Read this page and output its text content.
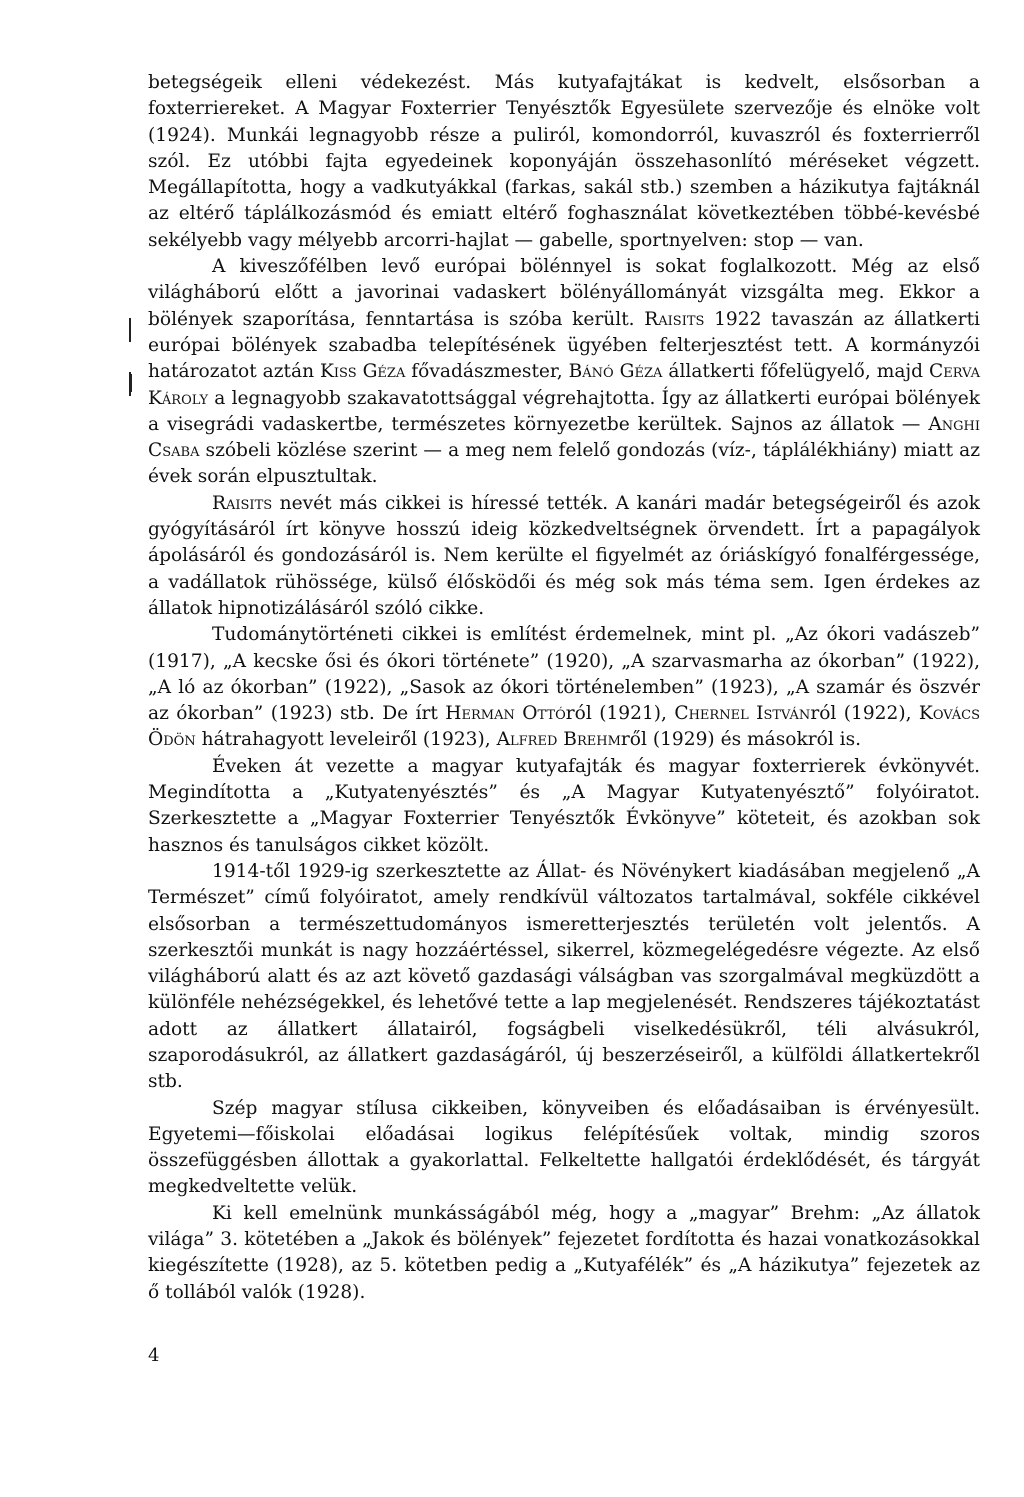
betegségeik elleni védekezést. Más kutyafajtákat is kedvelt, elsősorban a foxterriereket. A Magyar Foxterrier Tenyésztők Egyesülete szervezője és elnöke volt (1924). Munkái legnagyobb része a puliról, komondorról, kuvaszról és foxterrierről szól. Ez utóbbi fajta egyedeinek koponyáján összehasonlító méréseket végzett. Megállapította, hogy a vadkutyákkal (farkas, sakál stb.) szemben a házikutya fajtáknál az eltérő táplálkozásmód és emiatt eltérő foghasználat következtében többé-kevésbé sekélyebb vagy mélyebb arcorri-hajlat — gabelle, sportnyelven: stop — van.

A kiveszőfélben levő európai bölénnyel is sokat foglalkozott. Még az első világháború előtt a javorinai vadaskert bölényállományát vizsgálta meg. Ekkor a bölények szaporítása, fenntartása is szóba került. Raisits 1922 tavaszán az állatkerti európai bölények szabadba telepítésének ügyében felterjesztést tett. A kormányzói határozatot aztán Kiss Géza fővadászmester, Bánó Géza állatkerti főfelügyelő, majd Cerva Károly a legnagyobb szakavatottsággal végrehajtotta. Így az állatkerti európai bölények a visegrádi vadaskertbe, természetes környezetbe kerültek. Sajnos az állatok — Anghi Csaba szóbeli közlése szerint — a meg nem felelő gondozás (víz-, táplálékhiány) miatt az évek során elpusztultak.

Raisits nevét más cikkei is híressé tették. A kanári madár betegségeiről és azok gyógyításáról írt könyve hosszú ideig közkedveltségnek örvendett. Írt a papagályok ápolásáról és gondozásáról is. Nem kerülte el figyelmét az óriáskígyó fonalférgessége, a vadállatok rühössége, külső élősködői és még sok más téma sem. Igen érdekes az állatok hipnotizálásáról szóló cikke.

Tudománytörténeti cikkei is említést érdemelnek, mint pl. „Az ókori vadászeb” (1917), „A kecske ősi és ókori története” (1920), „A szarvasmarha az ókorban” (1922), „A ló az ókorban” (1922), „Sasok az ókori történelemben” (1923), „A szamár és öszvér az ókorban” (1923) stb. De írt Herman Ottóról (1921), Chernel Istvánról (1922), Kovács Ödön hátrahagyott leveleiről (1923), Alfred Brehmről (1929) és másokról is.

Éveken át vezette a magyar kutyafajták és magyar foxterrierek évkönyvét. Megindította a „Kutyatenyésztés” és „A Magyar Kutyatenyésztő” folyóiratot. Szerkesztette a „Magyar Foxterrier Tenyésztők Évkönyve” köteteit, és azokban sok hasznos és tanulságos cikket közölt.

1914-től 1929-ig szerkesztette az Állat- és Növénykert kiadásában megjelenő „A Természet” című folyóiratot, amely rendkívül változatos tartalmával, sokféle cikkével elsősorban a természettudományos ismeretterjesztés területén volt jelentős. A szerkesztői munkát is nagy hozzáértéssel, sikerrel, közmegelégedésre végezte. Az első világháború alatt és az azt követő gazdasági válságban vas szorgalmával megküzdött a különféle nehézségekkel, és lehetővé tette a lap megjelenését. Rendszeres tájékoztatást adott az állatkert állatairól, fogságbeli viselkedésükről, téli alvásukról, szaporodásukról, az állatkert gazdaságáról, új beszerzéseiről, a külföldi állatkertekről stb.

Szép magyar stílusa cikkeiben, könyveiben és előadásaiban is érvényesült. Egyetemi—főiskolai előadásai logikus felépítésűek voltak, mindig szoros összefüggésben állottak a gyakorlattal. Felkeltette hallgatói érdeklődését, és tárgyát megkedveltette velük.

Ki kell emelnünk munkásságából még, hogy a „magyar” Brehm: „Az állatok világa” 3. kötetében a „Jakok és bölények” fejezetet fordította és hazai vonatkozásokkal kiegészítette (1928), az 5. kötetben pedig a „Kutyafélék” és „A házikutya” fejezetek az ő tollából valók (1928).

4
